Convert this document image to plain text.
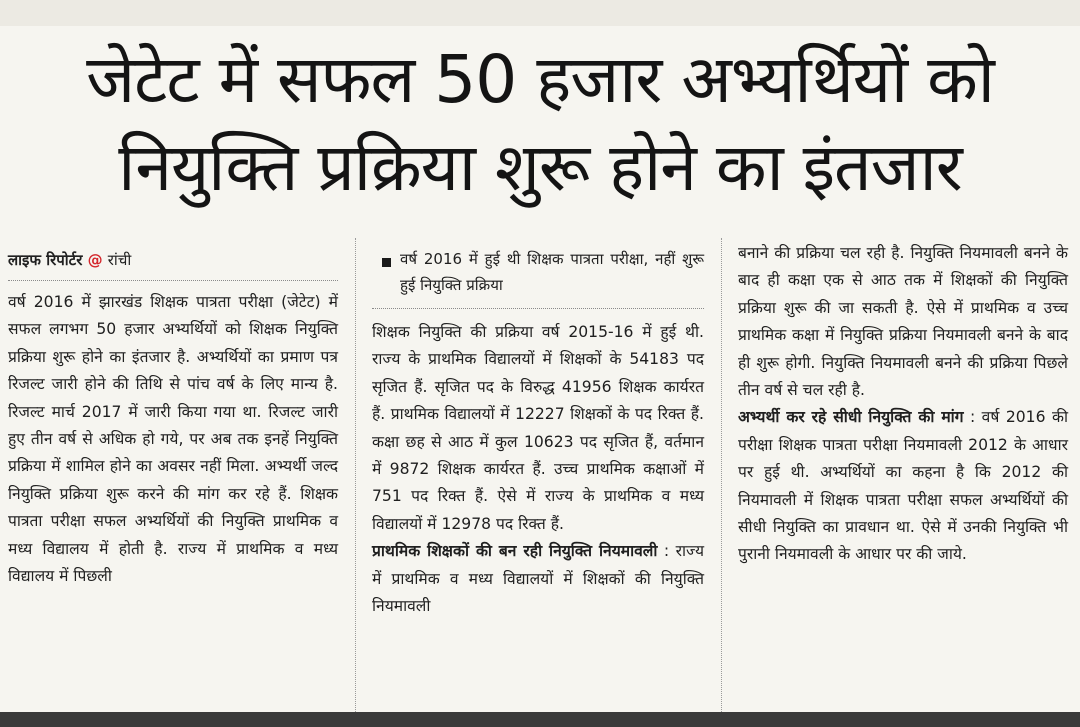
जेटेट में सफल 50 हजार अभ्यर्थियों को
नियुक्ति प्रक्रिया शुरू होने का इंतजार
लाइफ रिपोर्टर @ रांची

वर्ष 2016 में झारखंड शिक्षक पात्रता परीक्षा (जेटेट) में सफल लगभग 50 हजार अभ्यर्थियों को शिक्षक नियुक्ति प्रक्रिया शुरू होने का इंतजार है. अभ्यर्थियों का प्रमाण पत्र रिजल्ट जारी होने की तिथि से पांच वर्ष के लिए मान्य है. रिजल्ट मार्च 2017 में जारी किया गया था. रिजल्ट जारी हुए तीन वर्ष से अधिक हो गये, पर अब तक इनहें नियुक्ति प्रक्रिया में शामिल होने का अवसर नहीं मिला. अभ्यर्थी जल्द नियुक्ति प्रक्रिया शुरू करने की मांग कर रहे हैं. शिक्षक पात्रता परीक्षा सफल अभ्यर्थियों की नियुक्ति प्राथमिक व मध्य विद्यालय में होती है. राज्य में प्राथमिक व मध्य विद्यालय में पिछली

वर्ष 2016 में हुई थी शिक्षक पात्रता परीक्षा, नहीं शुरू हुई नियुक्ति प्रक्रिया

शिक्षक नियुक्ति की प्रक्रिया वर्ष 2015-16 में हुई थी. राज्य के प्राथमिक विद्यालयों में शिक्षकों के 54183 पद सृजित हैं. सृजित पद के विरुद्ध 41956 शिक्षक कार्यरत हैं. प्राथमिक विद्यालयों में 12227 शिक्षकों के पद रिक्त हैं. कक्षा छह से आठ में कुल 10623 पद सृजित हैं, वर्तमान में 9872 शिक्षक कार्यरत हैं. उच्च प्राथमिक कक्षाओं में 751 पद रिक्त हैं. ऐसे में राज्य के प्राथमिक व मध्य विद्यालयों में 12978 पद रिक्त हैं.

प्राथमिक शिक्षकों की बन रही नियुक्ति नियमावली : राज्य में प्राथमिक व मध्य विद्यालयों में शिक्षकों की नियुक्ति नियमावली

बनाने की प्रक्रिया चल रही है. नियुक्ति नियमावली बनने के बाद ही कक्षा एक से आठ तक में शिक्षकों की नियुक्ति प्रक्रिया शुरू की जा सकती है. ऐसे में प्राथमिक व उच्च प्राथमिक कक्षा में नियुक्ति प्रक्रिया नियमावली बनने के बाद ही शुरू होगी. नियुक्ति नियमावली बनने की प्रक्रिया पिछले तीन वर्ष से चल रही है.

अभ्यर्थी कर रहे सीधी नियुक्ति की मांग : वर्ष 2016 की परीक्षा शिक्षक पात्रता परीक्षा नियमावली 2012 के आधार पर हुई थी. अभ्यर्थियों का कहना है कि 2012 की नियमावली में शिक्षक पात्रता परीक्षा सफल अभ्यर्थियों की सीधी नियुक्ति का प्रावधान था. ऐसे में उनकी नियुक्ति भी पुरानी नियमावली के आधार पर की जाये.
